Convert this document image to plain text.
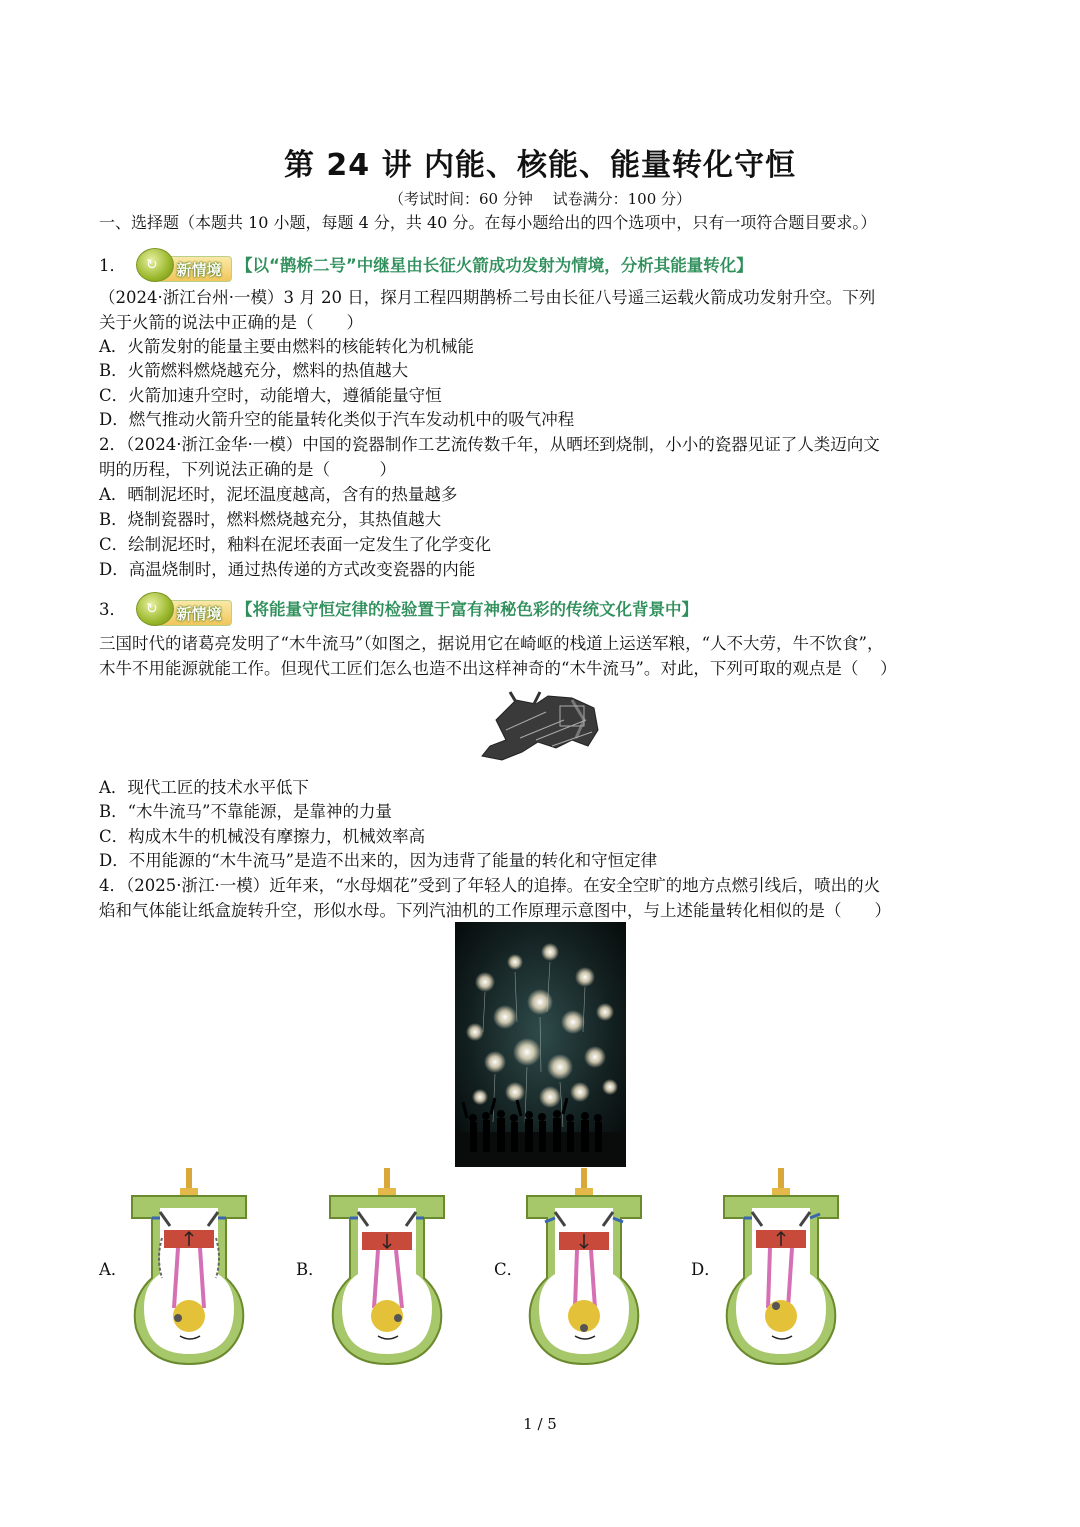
第 24 讲 内能、核能、能量转化守恒
（考试时间：60 分钟　 试卷满分：100 分）
一、选择题（本题共 10 小题，每题 4 分，共 40 分。在每小题给出的四个选项中，只有一项符合题目要求。）
1．	新情境
↻	【以“鹊桥二号”中继星由长征火箭成功发射为情境，分析其能量转化】
（2024·浙江台州·一模）3 月 20 日，探月工程四期鹊桥二号由长征八号遥三运载火箭成功发射升空。下列
关于火箭的说法中正确的是（　　）
A．火箭发射的能量主要由燃料的核能转化为机械能
B．火箭燃料燃烧越充分，燃料的热值越大
C．火箭加速升空时，动能增大，遵循能量守恒
D．燃气推动火箭升空的能量转化类似于汽车发动机中的吸气冲程
2．（2024·浙江金华·一模）中国的瓷器制作工艺流传数千年，从晒坯到烧制，小小的瓷器见证了人类迈向文
明的历程，下列说法正确的是（　　　）
A．晒制泥坯时，泥坯温度越高，含有的热量越多
B．烧制瓷器时，燃料燃烧越充分，其热值越大
C．绘制泥坯时，釉料在泥坯表面一定发生了化学变化
D．高温烧制时，通过热传递的方式改变瓷器的内能
3．	新情境
↻	【将能量守恒定律的检验置于富有神秘色彩的传统文化背景中】
三国时代的诸葛亮发明了“木牛流马”（如图之，据说用它在崎岖的栈道上运送军粮，“人不大劳，牛不饮食”，
木牛不用能源就能工作。但现代工匠们怎么也造不出这样神奇的“木牛流马”。对此，下列可取的观点是（　 ）
A．现代工匠的技术水平低下
B．“木牛流马”不靠能源，是靠神的力量
C．构成木牛的机械没有摩擦力，机械效率高
D．不用能源的“木牛流马”是造不出来的，因为违背了能量的转化和守恒定律
4．（2025·浙江·一模）近年来，“水母烟花”受到了年轻人的追捧。在安全空旷的地方点燃引线后，喷出的火
焰和气体能让纸盒旋转升空，形似水母。下列汽油机的工作原理示意图中，与上述能量转化相似的是（　　）
A．	B．	C．	D．
1 / 5
